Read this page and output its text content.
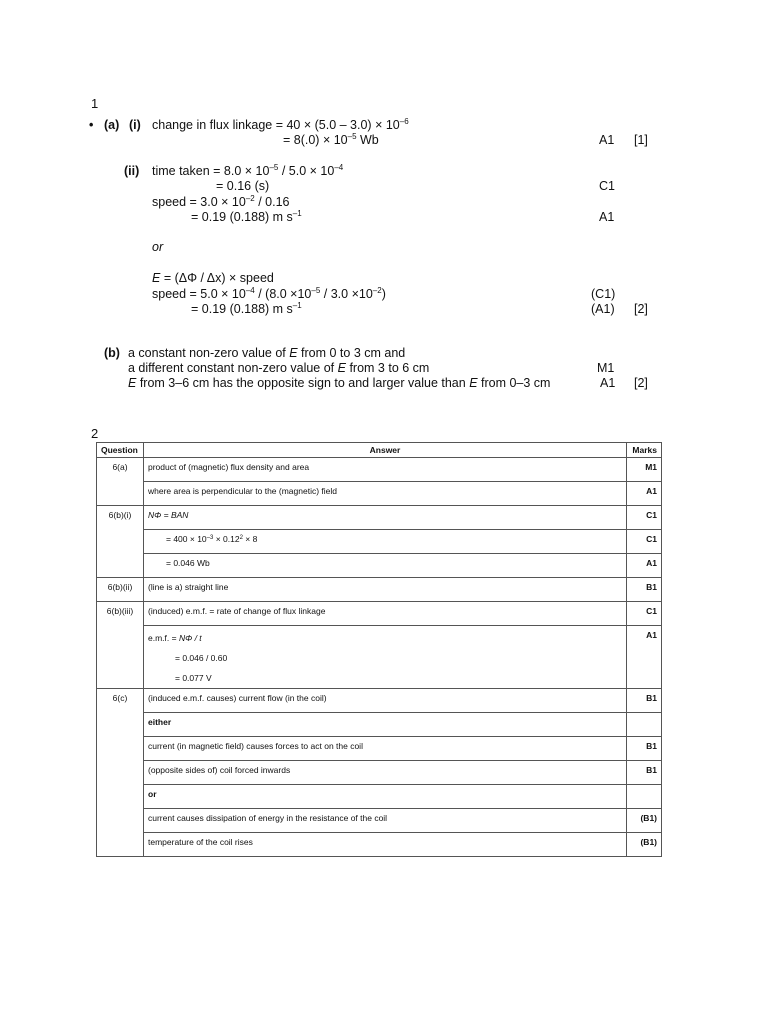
1
• (a) (i) change in flux linkage = $40 \times (5.0 - 3.0) \times 10^{-6}$
= $8(.0) \times 10^{-5}$ Wb	A1 [1]
(ii) time taken = $8.0 \times 10^{-5} / 5.0 \times 10^{-4}$
= 0.16 (s)	C1
speed = $3.0 \times 10^{-2} / 0.16$
= 0.19 (0.188) m $s^{-1}$	A1
or
E = (ΔΦ / Δx) × speed
speed = $5.0 \times 10^{-4} / (8.0 \times 10^{-5} / 3.0 \times 10^{-2})$	(C1)
= 0.19 (0.188) m $s^{-1}$	(A1) [2]
(b) a constant non-zero value of E from 0 to 3 cm and
a different constant non-zero value of E from 3 to 6 cm	M1
E from 3–6 cm has the opposite sign to and larger value than E from 0–3 cm	A1 [2]
2
Question	Answer	Marks
6(a)	product of (magnetic) flux density and area	M1
	where area is perpendicular to the (magnetic) field	A1
6(b)(i)	NΦ = BAN	C1
	= $400 \times 10^{-3} \times 0.12^2 \times 8$	C1
	= 0.046 Wb	A1
6(b)(ii)	(line is a) straight line	B1
6(b)(iii)	(induced) e.m.f. = rate of change of flux linkage	C1

	e.m.f. = NΦ / t
= 0.046 / 0.60
= 0.077 V	A1
6(c)	(induced e.m.f. causes) current flow (in the coil)	B1
	either	
	current (in magnetic field) causes forces to act on the coil	B1
	(opposite sides of) coil forced inwards	B1
	or	
	current causes dissipation of energy in the resistance of the coil	(B1)
	temperature of the coil rises	(B1)
